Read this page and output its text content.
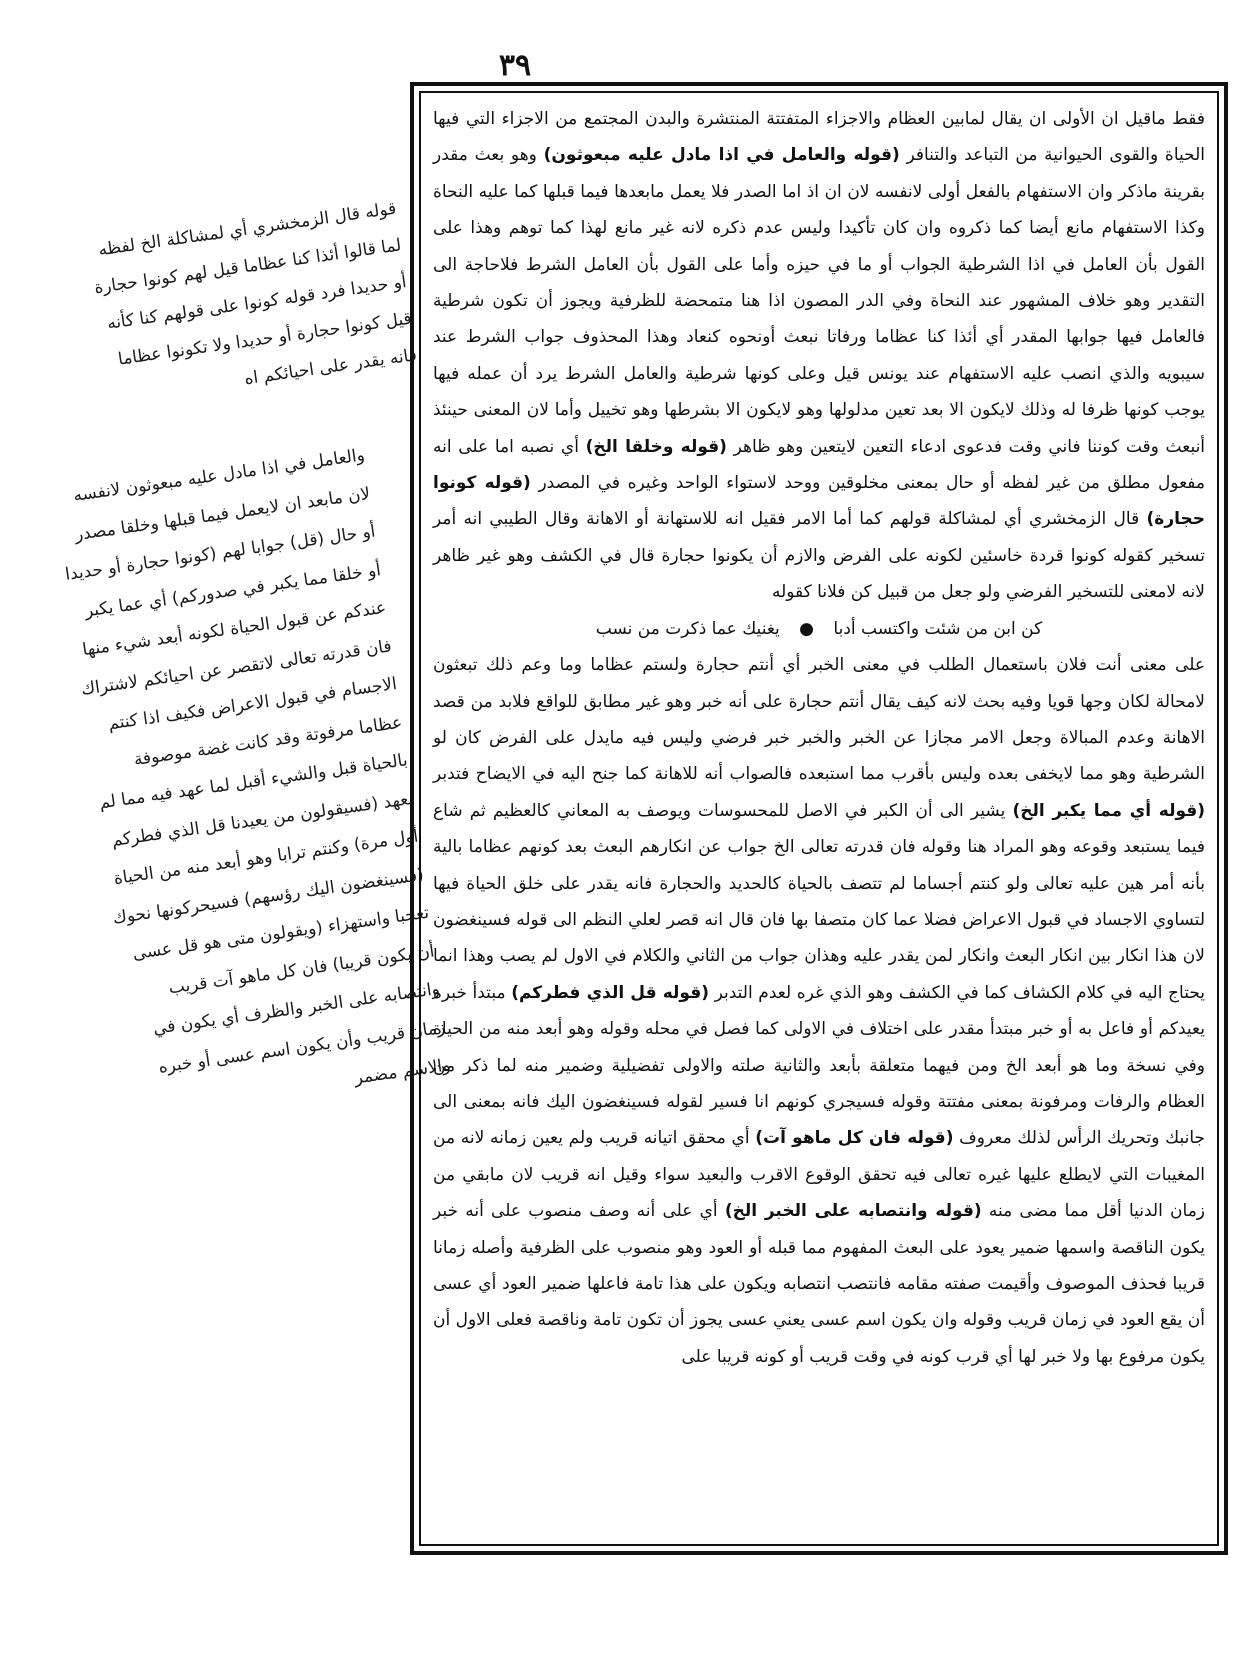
٣٩
قوله قال الزمخشري أي لمشاكلة الخ لفظه لما قالوا أئذا كنا عظاما قيل لهم كونوا حجارة أو حديدا فرد قوله كونوا على قولهم كنا كأنه قيل كونوا حجارة أو حديدا ولا تكونوا عظاما فانه يقدر على احيائكم اه
والعامل في اذا مادل عليه مبعوثون لانفسه لان مابعد ان لايعمل فيما قبلها وخلقا مصدر أو حال (قل) جوابا لهم (كونوا حجارة أو حديدا أو خلقا مما يكبر في صدوركم) أي عما يكبر عندكم عن قبول الحياة لكونه أبعد شيء منها فان قدرته تعالى لاتقصر عن احيائكم لاشتراك الاجسام في قبول الاعراض فكيف اذا كنتم عظاما مرفوتة وقد كانت غضة موصوفة بالحياة قبل والشيء أقبل لما عهد فيه مما لم يعهد (فسيقولون من يعيدنا قل الذي فطركم أول مرة) وكنتم ترابا وهو أبعد منه من الحياة (فسينغضون اليك رؤسهم) فسيحركونها نحوك تعجبا واستهزاء (ويقولون متى هو قل عسى أن يكون قريبا) فان كل ماهو آت قريب وانتصابه على الخبر والظرف أي يكون في زمان قريب وأن يكون اسم عسى أو خبره والاسم مضمر

فقط ماقيل ان الأولى ان يقال لمابين العظام والاجزاء المتفتتة المنتشرة والبدن المجتمع من الاجزاء التي فيها الحياة والقوى الحيوانية من التباعد والتنافر (قوله والعامل في اذا مادل عليه مبعوثون) وهو بعث مقدر بقرينة ماذكر وان الاستفهام بالفعل أولى لانفسه لان ان اذ اما الصدر فلا يعمل مابعدها فيما قبلها كما عليه النحاة وكذا الاستفهام مانع أيضا كما ذكروه وان كان تأكيدا وليس عدم ذكره لانه غير مانع لهذا كما توهم وهذا على القول بأن العامل في اذا الشرطية الجواب أو ما في حيزه وأما على القول بأن العامل الشرط فلاحاجة الى التقدير وهو خلاف المشهور عند النحاة وفي الدر المصون اذا هنا متمحضة للظرفية ويجوز أن تكون شرطية فالعامل فيها جوابها المقدر أي أئذا كنا عظاما ورفاتا نبعث أونحوه كنعاد وهذا المحذوف جواب الشرط عند سيبويه والذي انصب عليه الاستفهام عند يونس قيل وعلى كونها شرطية والعامل الشرط يرد أن عمله فيها يوجب كونها ظرفا له وذلك لايكون الا بعد تعين مدلولها وهو لايكون الا بشرطها وهو تخييل وأما لان المعنى حينئذ أنبعث وقت كوننا فاني وقت فدعوى ادعاء التعين لايتعين وهو ظاهر (قوله وخلقا الخ) أي نصبه اما على انه مفعول مطلق من غير لفظه أو حال بمعنى مخلوقين ووحد لاستواء الواحد وغيره في المصدر (قوله كونوا حجارة) قال الزمخشري أي لمشاكلة قولهم كما أما الامر فقيل انه للاستهانة أو الاهانة وقال الطيبي انه أمر تسخير كقوله كونوا قردة خاسئين لكونه على الفرض والازم أن يكونوا حجارة قال في الكشف وهو غير ظاهر لانه لامعنى للتسخير الفرضي ولو جعل من قبيل كن فلانا كقوله

كن ابن من شئت واكتسب أدبا ● يغنيك عما ذكرت من نسب

على معنى أنت فلان باستعمال الطلب في معنى الخبر أي أنتم حجارة ولستم عظاما وما وعم ذلك تبعثون لامحالة لكان وجها قويا وفيه بحث لانه كيف يقال أنتم حجارة على أنه خبر وهو غير مطابق للواقع فلابد من قصد الاهانة وعدم المبالاة وجعل الامر مجازا عن الخبر والخبر خبر فرضي وليس فيه مايدل على الفرض كان لو الشرطية وهو مما لايخفى بعده وليس بأقرب مما استبعده فالصواب أنه للاهانة كما جنح اليه في الايضاح فتدبر (قوله أي مما يكبر الخ) يشير الى أن الكبر في الاصل للمحسوسات ويوصف به المعاني كالعظيم ثم شاع فيما يستبعد وقوعه وهو المراد هنا وقوله فان قدرته تعالى الخ جواب عن انكارهم البعث بعد كونهم عظاما بالية بأنه أمر هين عليه تعالى ولو كنتم أجساما لم تتصف بالحياة كالحديد والحجارة فانه يقدر على خلق الحياة فيها لتساوي الاجساد في قبول الاعراض فضلا عما كان متصفا بها فان قال انه قصر لعلي النظم الى قوله فسينغضون لان هذا انكار بين انكار البعث وانكار لمن يقدر عليه وهذان جواب من الثاني والكلام في الاول لم يصب وهذا انما يحتاج اليه في كلام الكشاف كما في الكشف وهو الذي غره لعدم التدبر (قوله قل الذي فطركم) مبتدأ خبره يعيدكم أو فاعل به أو خبر مبتدأ مقدر على اختلاف في الاولى كما فصل في محله وقوله وهو أبعد منه من الحياة وفي نسخة وما هو أبعد الخ ومن فيهما متعلقة بأبعد والثانية صلته والاولى تفضيلية وضمير منه لما ذكر من العظام والرفات ومرفونة بمعنى مفتتة وقوله فسيجري كونهم انا فسير لقوله فسينغضون اليك فانه بمعنى الى جانبك وتحريك الرأس لذلك معروف (قوله فان كل ماهو آت) أي محقق اتيانه قريب ولم يعين زمانه لانه من المغيبات التي لايطلع عليها غيره تعالى فيه تحقق الوقوع الاقرب والبعيد سواء وقيل انه قريب لان مابقي من زمان الدنيا أقل مما مضى منه (قوله وانتصابه على الخبر الخ) أي على أنه وصف منصوب على أنه خبر يكون الناقصة واسمها ضمير يعود على البعث المفهوم مما قبله أو العود وهو منصوب على الظرفية وأصله زمانا قريبا فحذف الموصوف وأقيمت صفته مقامه فانتصب انتصابه ويكون على هذا تامة فاعلها ضمير العود أي عسى أن يقع العود في زمان قريب وقوله وان يكون اسم عسى يعني عسى يجوز أن تكون تامة وناقصة فعلى الاول أن يكون مرفوع بها ولا خبر لها أي قرب كونه في وقت قريب أو كونه قريبا على
